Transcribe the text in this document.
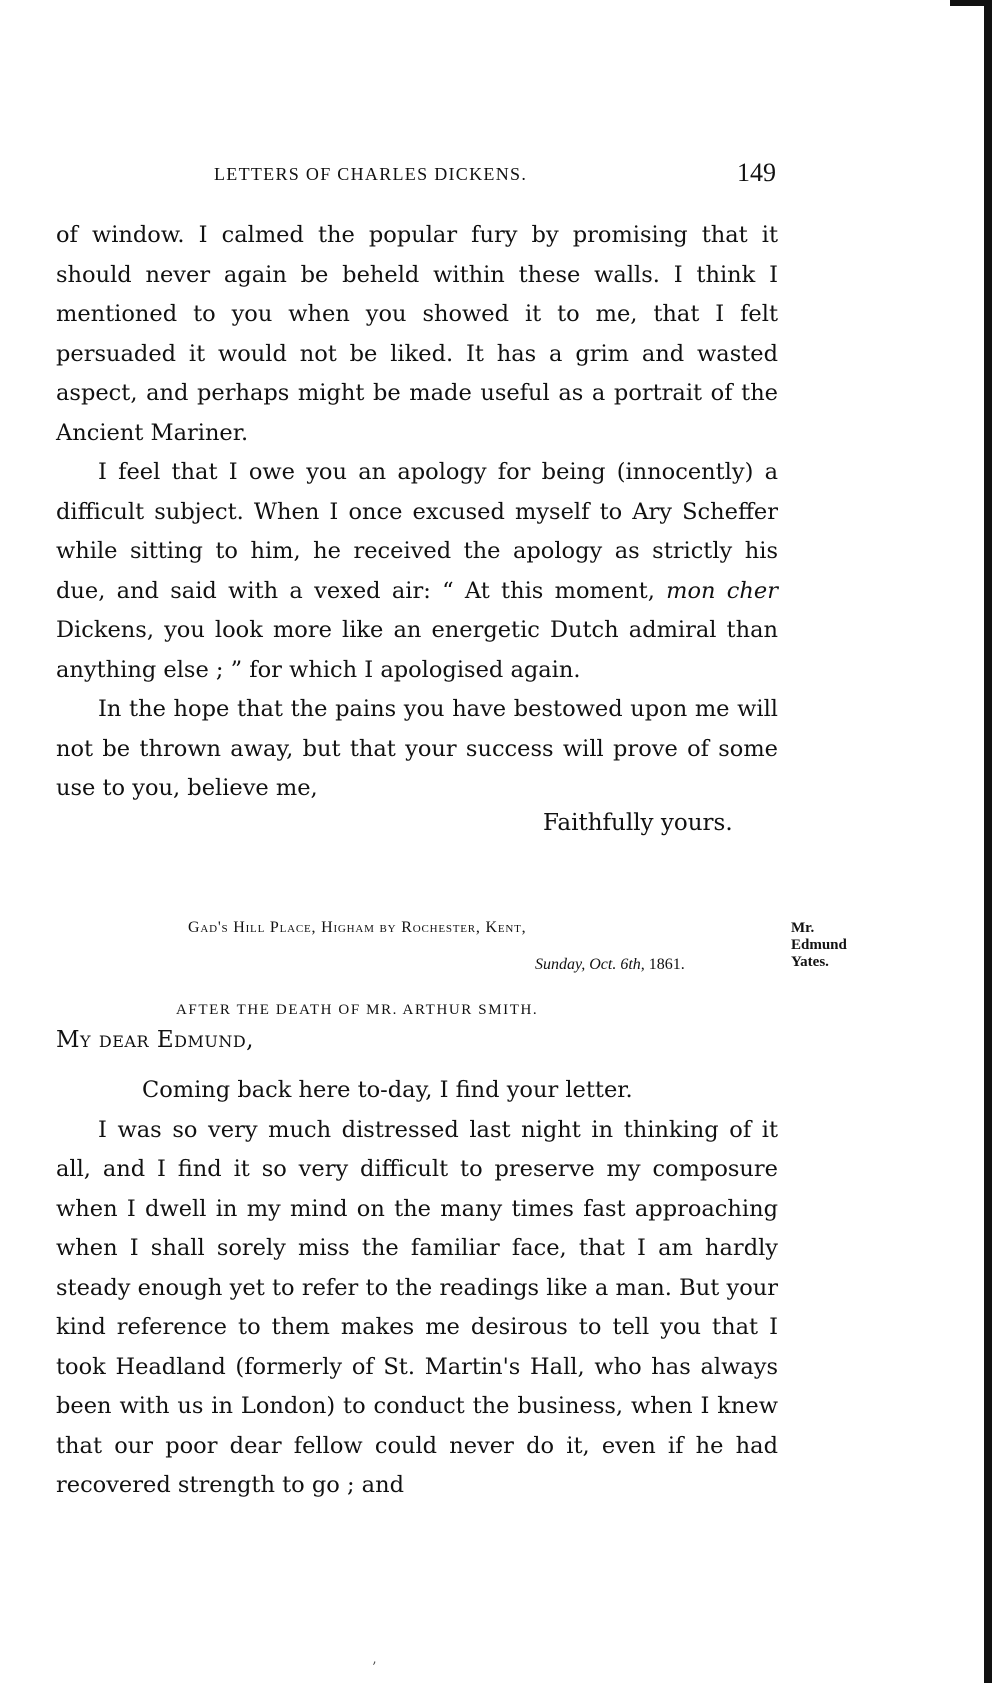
LETTERS OF CHARLES DICKENS.	149

of window. I calmed the popular fury by promising that it should never again be beheld within these walls. I think I mentioned to you when you showed it to me, that I felt persuaded it would not be liked. It has a grim and wasted aspect, and perhaps might be made useful as a portrait of the Ancient Mariner.

I feel that I owe you an apology for being (innocently) a difficult subject. When I once excused myself to Ary Scheffer while sitting to him, he received the apology as strictly his due, and said with a vexed air: “ At this moment, mon cher Dickens, you look more like an energetic Dutch admiral than anything else ; ” for which I apologised again.

In the hope that the pains you have bestowed upon me will not be thrown away, but that your success will prove of some use to you, believe me,

Faithfully yours.
Gad's Hill Place, Higham by Rochester, Kent,
Sunday, Oct. 6th, 1861.
Mr.
Edmund
Yates.
AFTER THE DEATH OF MR. ARTHUR SMITH.
My dear Edmund,

Coming back here to-day, I find your letter.

I was so very much distressed last night in thinking of it all, and I find it so very difficult to preserve my composure when I dwell in my mind on the many times fast approaching when I shall sorely miss the familiar face, that I am hardly steady enough yet to refer to the readings like a man. But your kind reference to them makes me desirous to tell you that I took Headland (formerly of St. Martin's Hall, who has always been with us in London) to conduct the business, when I knew that our poor dear fellow could never do it, even if he had recovered strength to go ; and

’
